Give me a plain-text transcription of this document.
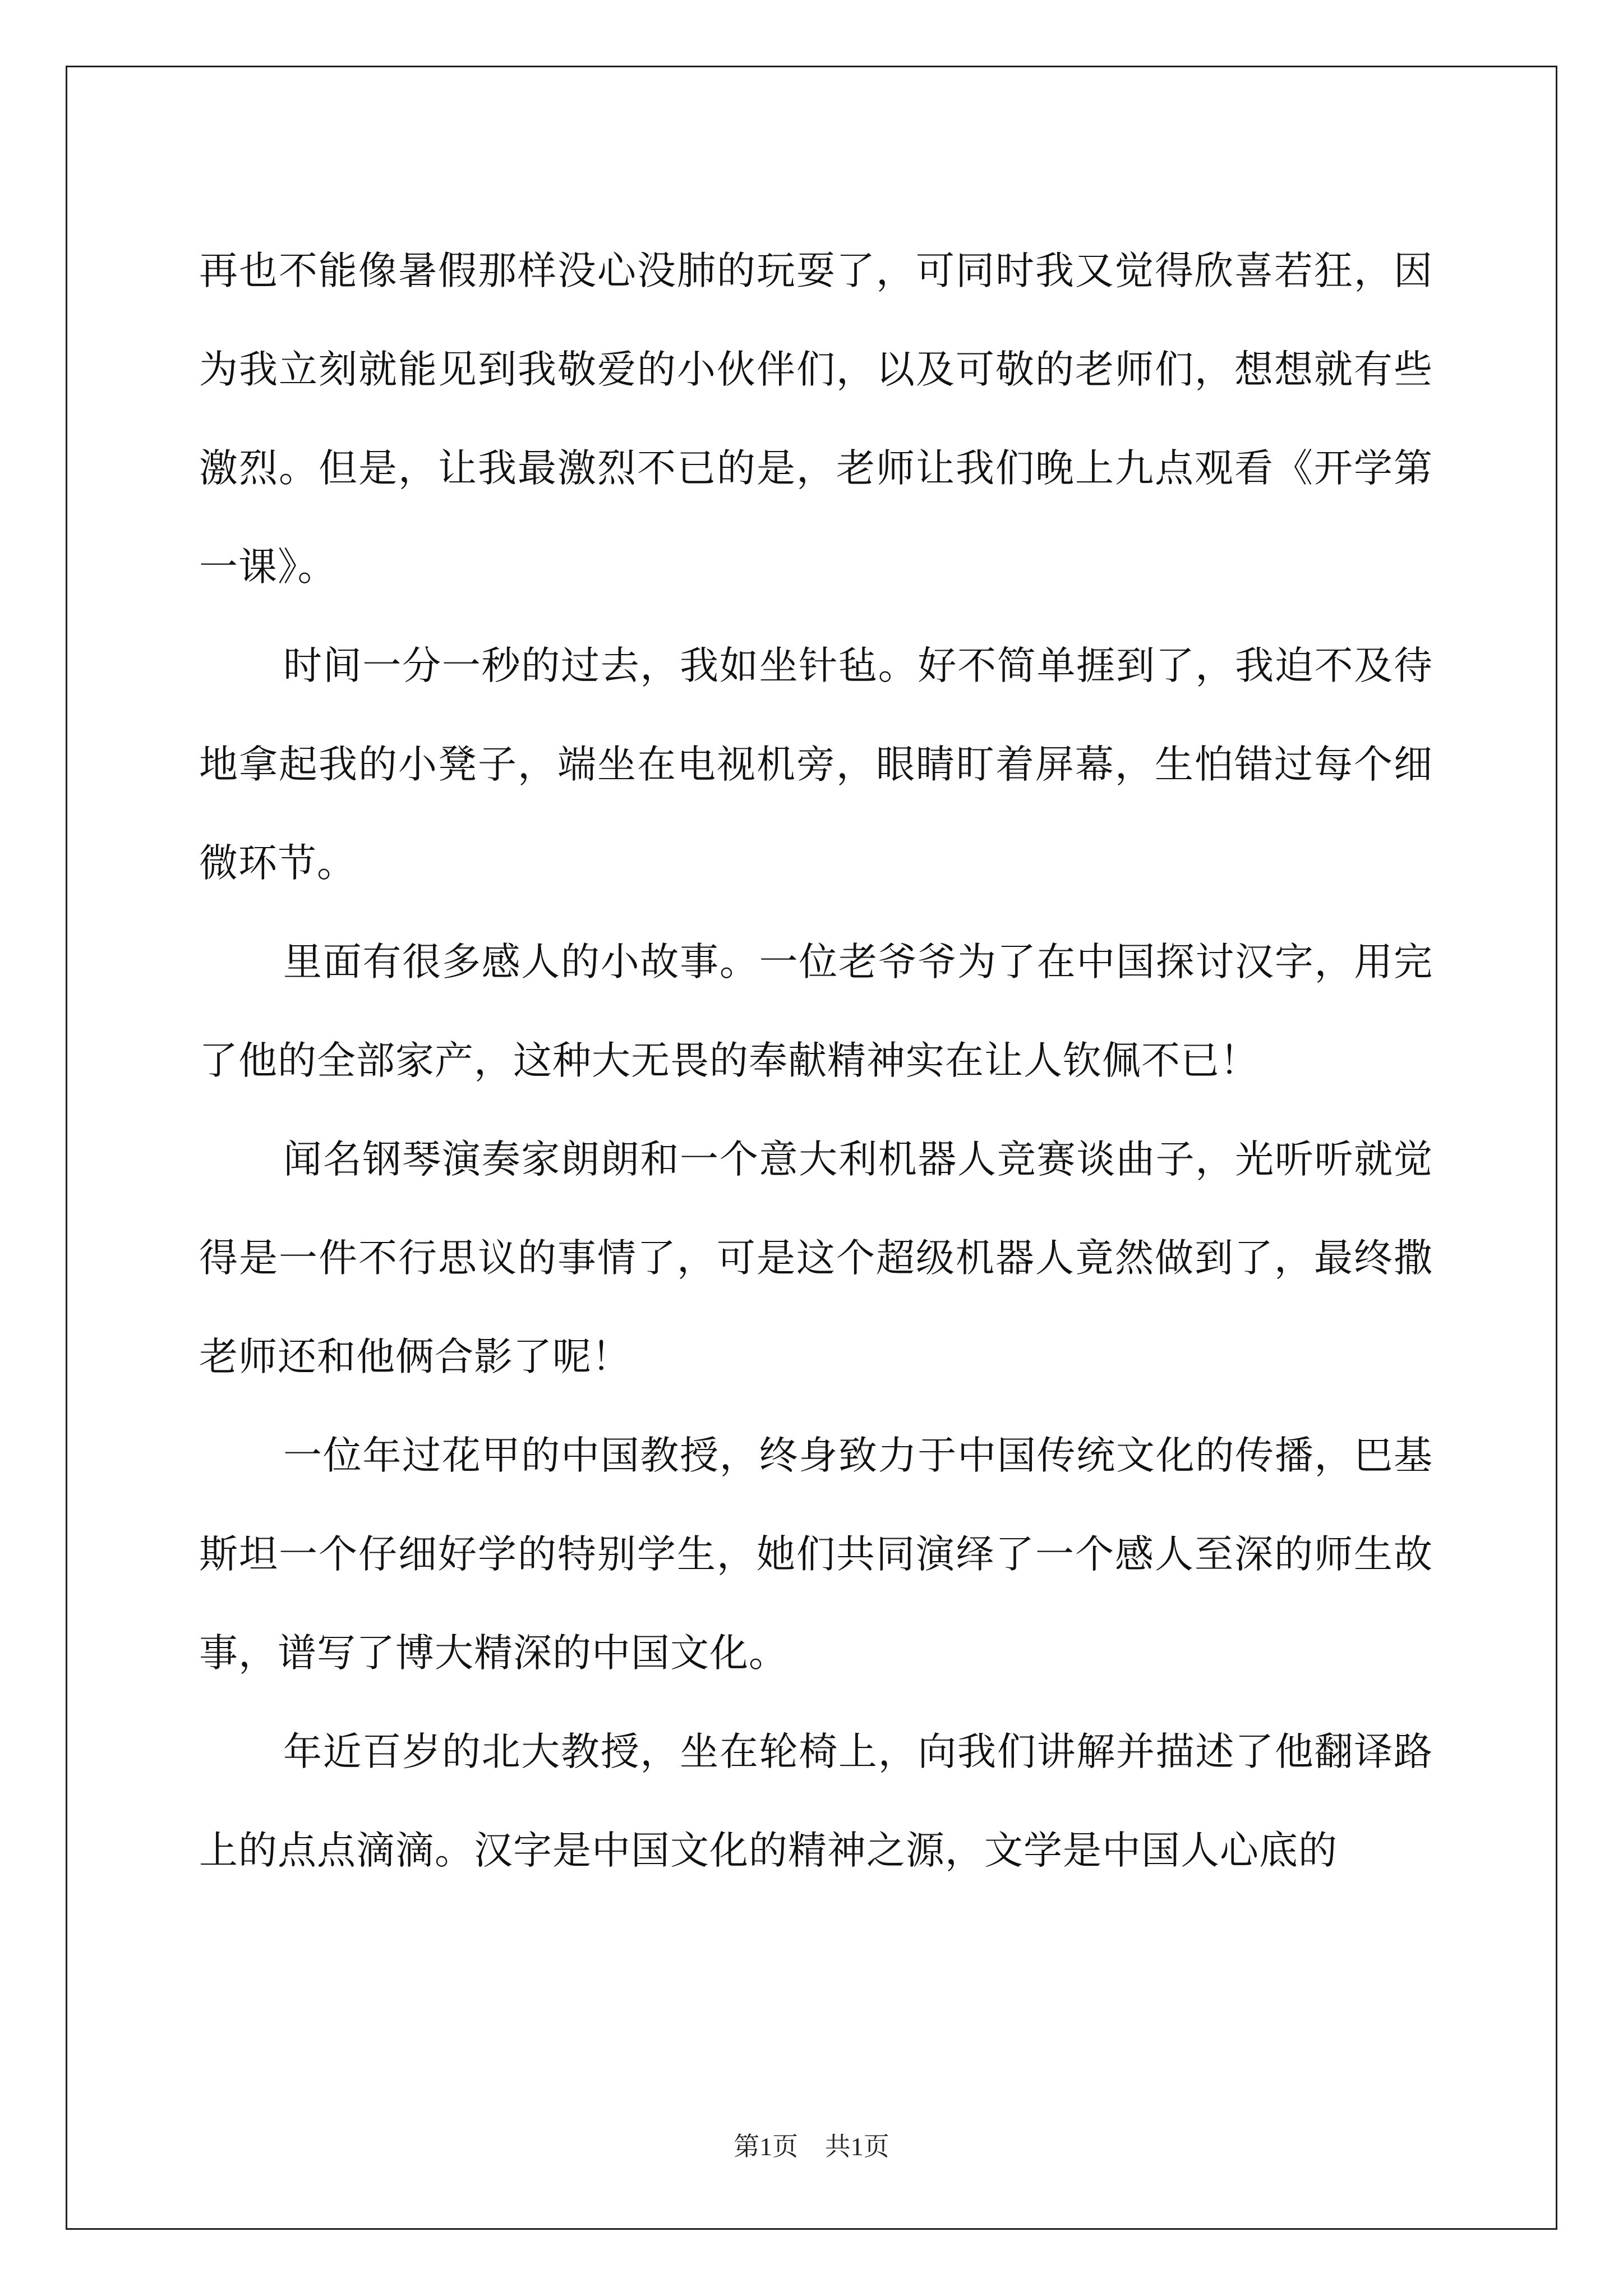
再也不能像暑假那样没心没肺的玩耍了，可同时我又觉得欣喜若狂，因为我立刻就能见到我敬爱的小伙伴们，以及可敬的老师们，想想就有些激烈。但是，让我最激烈不已的是，老师让我们晚上九点观看《开学第一课》。

时间一分一秒的过去，我如坐针毡。好不简单捱到了，我迫不及待地拿起我的小凳子，端坐在电视机旁，眼睛盯着屏幕，生怕错过每个细微环节。

里面有很多感人的小故事。一位老爷爷为了在中国探讨汉字，用完了他的全部家产，这种大无畏的奉献精神实在让人钦佩不已！

闻名钢琴演奏家朗朗和一个意大利机器人竞赛谈曲子，光听听就觉得是一件不行思议的事情了，可是这个超级机器人竟然做到了，最终撒老师还和他俩合影了呢！

一位年过花甲的中国教授，终身致力于中国传统文化的传播，巴基斯坦一个仔细好学的特别学生，她们共同演绎了一个感人至深的师生故事，谱写了博大精深的中国文化。

年近百岁的北大教授，坐在轮椅上，向我们讲解并描述了他翻译路上的点点滴滴。汉字是中国文化的精神之源，文学是中国人心底的

第1页 共1页
